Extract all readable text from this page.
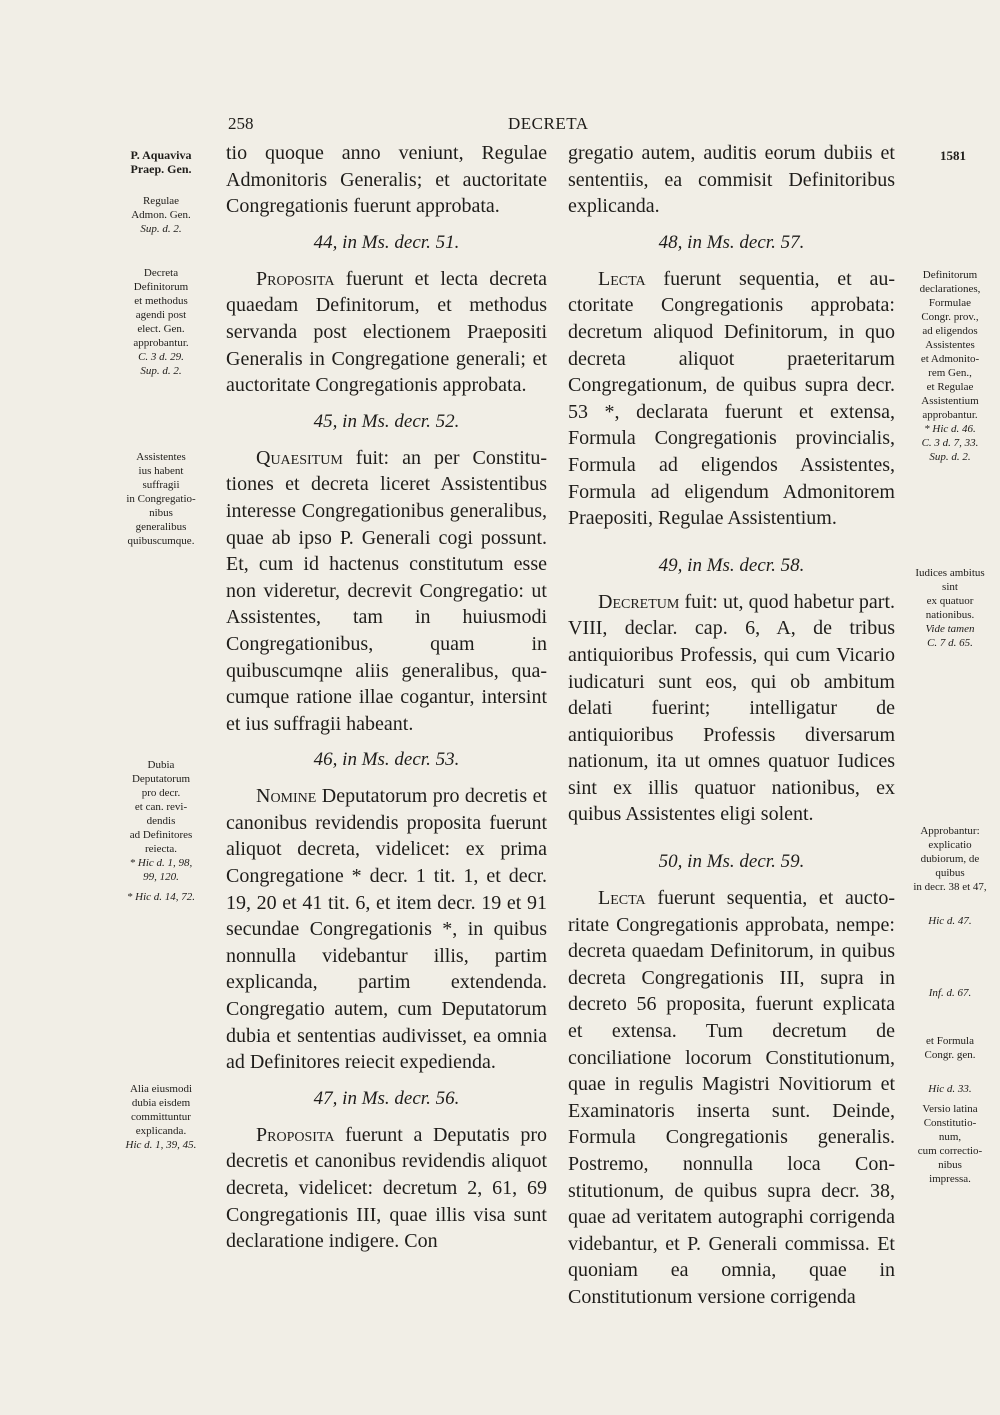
258	DECRETA
1581
P. Aquaviva
Praep. Gen.
Regulae
Admon. Gen.
Sup. d. 2.
Decreta
Definitorum
et methodus
agendi post
elect. Gen.
approbantur.
C. 3 d. 29.
Sup. d. 2.
Assistentes
ius habent
suffragii
in Congregatio-
nibus
generalibus
quibuscumque.
Dubia
Deputatorum
pro decr.
et can. revi-
dendis
ad Definitores
reiecta.
* Hic d. 1, 98,
99, 120.
* Hic d. 14, 72.
Alia eiusmodi
dubia eisdem
committuntur
explicanda.
Hic d. 1, 39, 45.
Definitorum
declarationes,
Formulae
Congr. prov.,
ad eligendos
Assistentes
et Admonito-
rem Gen.,
et Regulae
Assistentium
approbantur.
* Hic d. 46.
C. 3 d. 7, 33.
Sup. d. 2.
Iudices ambitus
sint
ex quatuor
nationibus.
Vide tamen
C. 7 d. 65.
Approbantur:
explicatio
dubiorum, de
quibus
in decr. 38 et 47,
Hic d. 47.
Inf. d. 67.
et Formula
Congr. gen.
Hic d. 33.
Versio latina
Constitutio-
num,
cum correctio-
nibus
impressa.

tio quoque anno veniunt, Regulae Admonitoris Generalis; et auctoritate Congregationis fuerunt approbata.

44, in Ms. decr. 51.

Proposita fuerunt et lecta decreta quaedam Definitorum, et methodus servanda post electionem Praepositi Generalis in Congregatione generali; et auctoritate Congregationis approbata.

45, in Ms. decr. 52.

Quaesitum fuit: an per Constitutiones et decreta liceret Assistentibus interesse Congregationibus generalibus, quae ab ipso P. Generali cogi possunt. Et, cum id hactenus constitutum esse non videretur, decrevit Congregatio: ut Assistentes, tam in huiusmodi Congregationibus, quam in quibuscumqne aliis generalibus, quacumque ratione illae cogantur, intersint et ius suffragii habeant.

46, in Ms. decr. 53.

Nomine Deputatorum pro decretis et canonibus revidendis proposita fuerunt aliquot decreta, videlicet: ex prima Congregatione * decr. 1 tit. 1, et decr. 19, 20 et 41 tit. 6, et item decr. 19 et 91 secundae Congregationis *, in quibus nonnulla videbantur illis, partim explicanda, partim extendenda. Congregatio autem, cum Deputatorum dubia et sententias audivisset, ea omnia ad Definitores reiecit expedienda.

47, in Ms. decr. 56.

Proposita fuerunt a Deputatis pro decretis et canonibus revidendis aliquot decreta, videlicet: decretum 2, 61, 69 Congregationis III, quae illis visa sunt declaratione indigere. Con

gregatio autem, auditis eorum dubiis et sententiis, ea commisit Definitoribus explicanda.

48, in Ms. decr. 57.

Lecta fuerunt sequentia, et auctoritate Congregationis approbata: decretum aliquod Definitorum, in quo decreta aliquot praeteritarum Congregationum, de quibus supra decr. 53 *, declarata fuerunt et extensa, Formula Congregationis provincialis, Formula ad eligendos Assistentes, Formula ad eligendum Admonitorem Praepositi, Regulae Assistentium.

49, in Ms. decr. 58.

Decretum fuit: ut, quod habetur part. VIII, declar. cap. 6, A, de tribus antiquioribus Professis, qui cum Vicario iudicaturi sunt eos, qui ob ambitum delati fuerint; intelligatur de antiquioribus Professis diversarum nationum, ita ut omnes quatuor Iudices sint ex illis quatuor nationibus, ex quibus Assistentes eligi solent.

50, in Ms. decr. 59.

Lecta fuerunt sequentia, et auctoritate Congregationis approbata, nempe: decreta quaedam Definitorum, in quibus decreta Congregationis III, supra in decreto 56 proposita, fuerunt explicata et extensa. Tum decretum de conciliatione locorum Constitutionum, quae in regulis Magistri Novitiorum et Examinatoris inserta sunt. Deinde, Formula Congregationis generalis. Postremo, nonnulla loca Constitutionum, de quibus supra decr. 38, quae ad veritatem autographi corrigenda videbantur, et P. Generali commissa. Et quoniam ea omnia, quae in Constitutionum versione corrigenda
